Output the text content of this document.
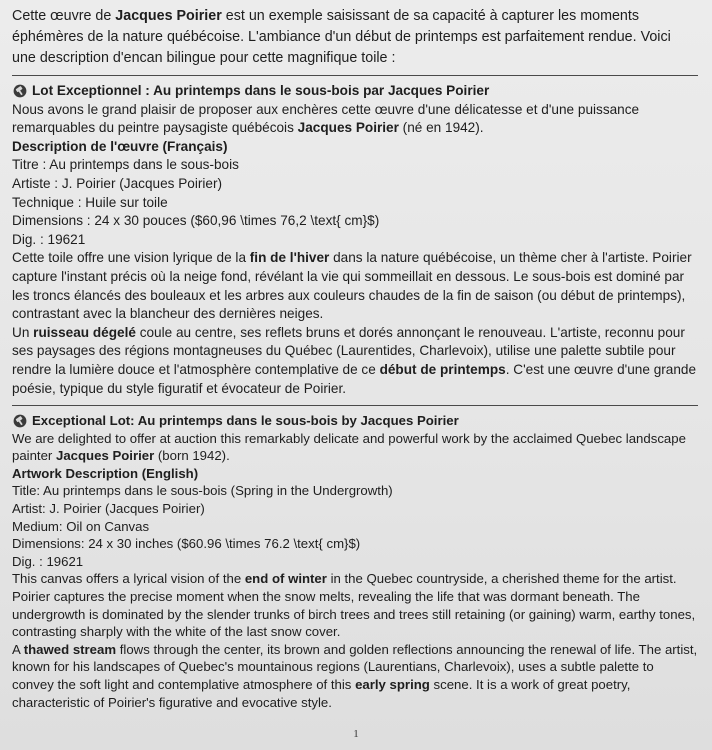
Cette œuvre de Jacques Poirier est un exemple saisissant de sa capacité à capturer les moments éphémères de la nature québécoise. L'ambiance d'un début de printemps est parfaitement rendue. Voici une description d'encan bilingue pour cette magnifique toile :

Lot Exceptionnel : Au printemps dans le sous-bois par Jacques Poirier

Nous avons le grand plaisir de proposer aux enchères cette œuvre d'une délicatesse et d'une puissance remarquables du peintre paysagiste québécois Jacques Poirier (né en 1942).

Description de l'œuvre (Français)

Titre : Au printemps dans le sous-bois

Artiste : J. Poirier (Jacques Poirier)

Technique : Huile sur toile

Dimensions : 24 x 30 pouces ($60,96 \times 76,2 \text{ cm}$)

Dig. : 19621

Cette toile offre une vision lyrique de la fin de l'hiver dans la nature québécoise, un thème cher à l'artiste. Poirier capture l'instant précis où la neige fond, révélant la vie qui sommeillait en dessous. Le sous-bois est dominé par les troncs élancés des bouleaux et les arbres aux couleurs chaudes de la fin de saison (ou début de printemps), contrastant avec la blancheur des dernières neiges.

Un ruisseau dégelé coule au centre, ses reflets bruns et dorés annonçant le renouveau. L'artiste, reconnu pour ses paysages des régions montagneuses du Québec (Laurentides, Charlevoix), utilise une palette subtile pour rendre la lumière douce et l'atmosphère contemplative de ce début de printemps. C'est une œuvre d'une grande poésie, typique du style figuratif et évocateur de Poirier.

Exceptional Lot: Au printemps dans le sous-bois by Jacques Poirier

We are delighted to offer at auction this remarkably delicate and powerful work by the acclaimed Quebec landscape painter Jacques Poirier (born 1942).

Artwork Description (English)

Title: Au printemps dans le sous-bois (Spring in the Undergrowth)

Artist: J. Poirier (Jacques Poirier)

Medium: Oil on Canvas

Dimensions: 24 x 30 inches ($60.96 \times 76.2 \text{ cm}$)

Dig. : 19621

This canvas offers a lyrical vision of the end of winter in the Quebec countryside, a cherished theme for the artist. Poirier captures the precise moment when the snow melts, revealing the life that was dormant beneath. The undergrowth is dominated by the slender trunks of birch trees and trees still retaining (or gaining) warm, earthy tones, contrasting sharply with the white of the last snow cover.

A thawed stream flows through the center, its brown and golden reflections announcing the renewal of life. The artist, known for his landscapes of Quebec's mountainous regions (Laurentians, Charlevoix), uses a subtle palette to convey the soft light and contemplative atmosphere of this early spring scene. It is a work of great poetry, characteristic of Poirier's figurative and evocative style.

1
